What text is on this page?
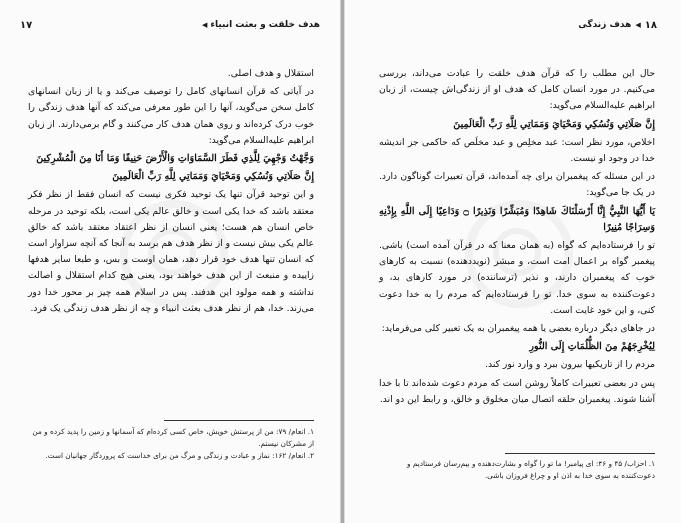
هدف خلقت و بعثت انبیاء
◀
۱۷

استقلال و هدف اصلی.

در آیاتی که قرآن انسانهای کامل را توصیف می‌کند و یا از زبان انسانهای کامل سخن می‌گوید، آنها را این طور معرفی می‌کند که آنها هدف زندگی را خوب درک کرده‌اند و روی همان هدف کار می‌کنند و گام برمی‌دارند. از زبان ابراهیم علیه‌السلام می‌گوید:

وَجَّهْتُ وَجْهِيَ لِلَّذِي فَطَرَ السَّمَاوَاتِ وَالْأَرْضَ حَنِيفًا وَمَا أَنَا مِنَ الْمُشْرِكِينَ

إِنَّ صَلَاتِي وَنُسُكِي وَمَحْيَايَ وَمَمَاتِي لِلَّهِ رَبِّ الْعَالَمِينَ

و این توحید قرآن تنها یک توحید فکری نیست که انسان فقط از نظر فکر معتقد باشد که خدا یکی است و خالق عالم یکی است، بلکه توحید در مرحله خاص انسان هم هست؛ یعنی انسان از نظر اعتقاد معتقد باشد که خالق عالم یکی بیش نیست و از نظر هدف هم برسد به آنجا که آنچه سزاوار است که انسان تنها هدف خود قرار دهد، همان اوست و بس، و طبعا سایر هدفها زاییده و منبعث از این هدف خواهند بود، یعنی هیچ کدام استقلال و اصالت نداشته و همه مولود این هدفند. پس در اسلام همه چیز بر محور خدا دور می‌زند. خدا، هم از نظر هدف بعثت انبیاء و چه از نظر هدف زندگی یک فرد.

۱. انعام/ ۷۹: من از پرستش خویش، خاص کسی کرده‌ام که آسمانها و زمین را پدید کرده و من از مشرکان نیستم.

۲. انعام/ ۱۶۲: نماز و عبادت و زندگی و مرگ من برای خداست که پروردگار جهانیان است.

۱۸
◀
هدف زندگی

حال این مطلب را که قرآن هدف خلقت را عبادت می‌داند، بررسی می‌کنیم. در مورد انسان کامل که هدف او از زندگی‌اش چیست، از زبان ابراهیم علیه‌السلام می‌گوید:

إِنَّ صَلَاتِي وَنُسُكِي وَمَحْيَايَ وَمَمَاتِي لِلَّهِ رَبِّ الْعَالَمِينَ

اخلاص، مورد نظر است: عبد مخلِص و عبد مخلَص که حاکمی جز اندیشه خدا در وجود او نیست.

در این مسئله که پیغمبران برای چه آمده‌اند، قرآن تعبیرات گوناگون دارد. در یک جا می‌گوید:

يَا أَيُّهَا النَّبِيُّ إِنَّا أَرْسَلْنَاكَ شَاهِدًا وَمُبَشِّرًا وَنَذِيرًا ۝ وَدَاعِيًا إِلَى اللَّهِ بِإِذْنِهِ وَسِرَاجًا مُنِيرًا

تو را فرستاده‌ایم که گواه (به همان معنا که در قرآن آمده است) باشی. پیغمبر گواه بر اعمال امت است، و مبشر (نویددهنده) نسبت به کارهای خوب که پیغمبران دارند، و نذیر (ترساننده) در مورد کارهای بد، و دعوت‌کننده به سوی خدا. تو را فرستاده‌ایم که مردم را به خدا دعوت کنی، و این خود غایت است.

در جاهای دیگر درباره بعضی یا همه پیغمبران به یک تعبیر کلی می‌فرماید:

لِيُخْرِجَهُمْ مِنَ الظُّلُمَاتِ إِلَى النُّورِ

مردم را از تاریکیها بیرون ببرد و وارد نور کند.

پس در بعضی تعبیرات کاملاً روشن است که مردم دعوت شده‌اند تا با خدا آشنا شوند. پیغمبران حلقه اتصال میان مخلوق و خالق، و رابط این دو اند.

۱. احزاب/ ۴۵ و ۴۶: ای پیامبر! ما تو را گواه و بشارت‌دهنده و بیم‌رسان فرستادیم و دعوت‌کننده به سوی خدا به اذن او و چراغ فروزان باشی.
